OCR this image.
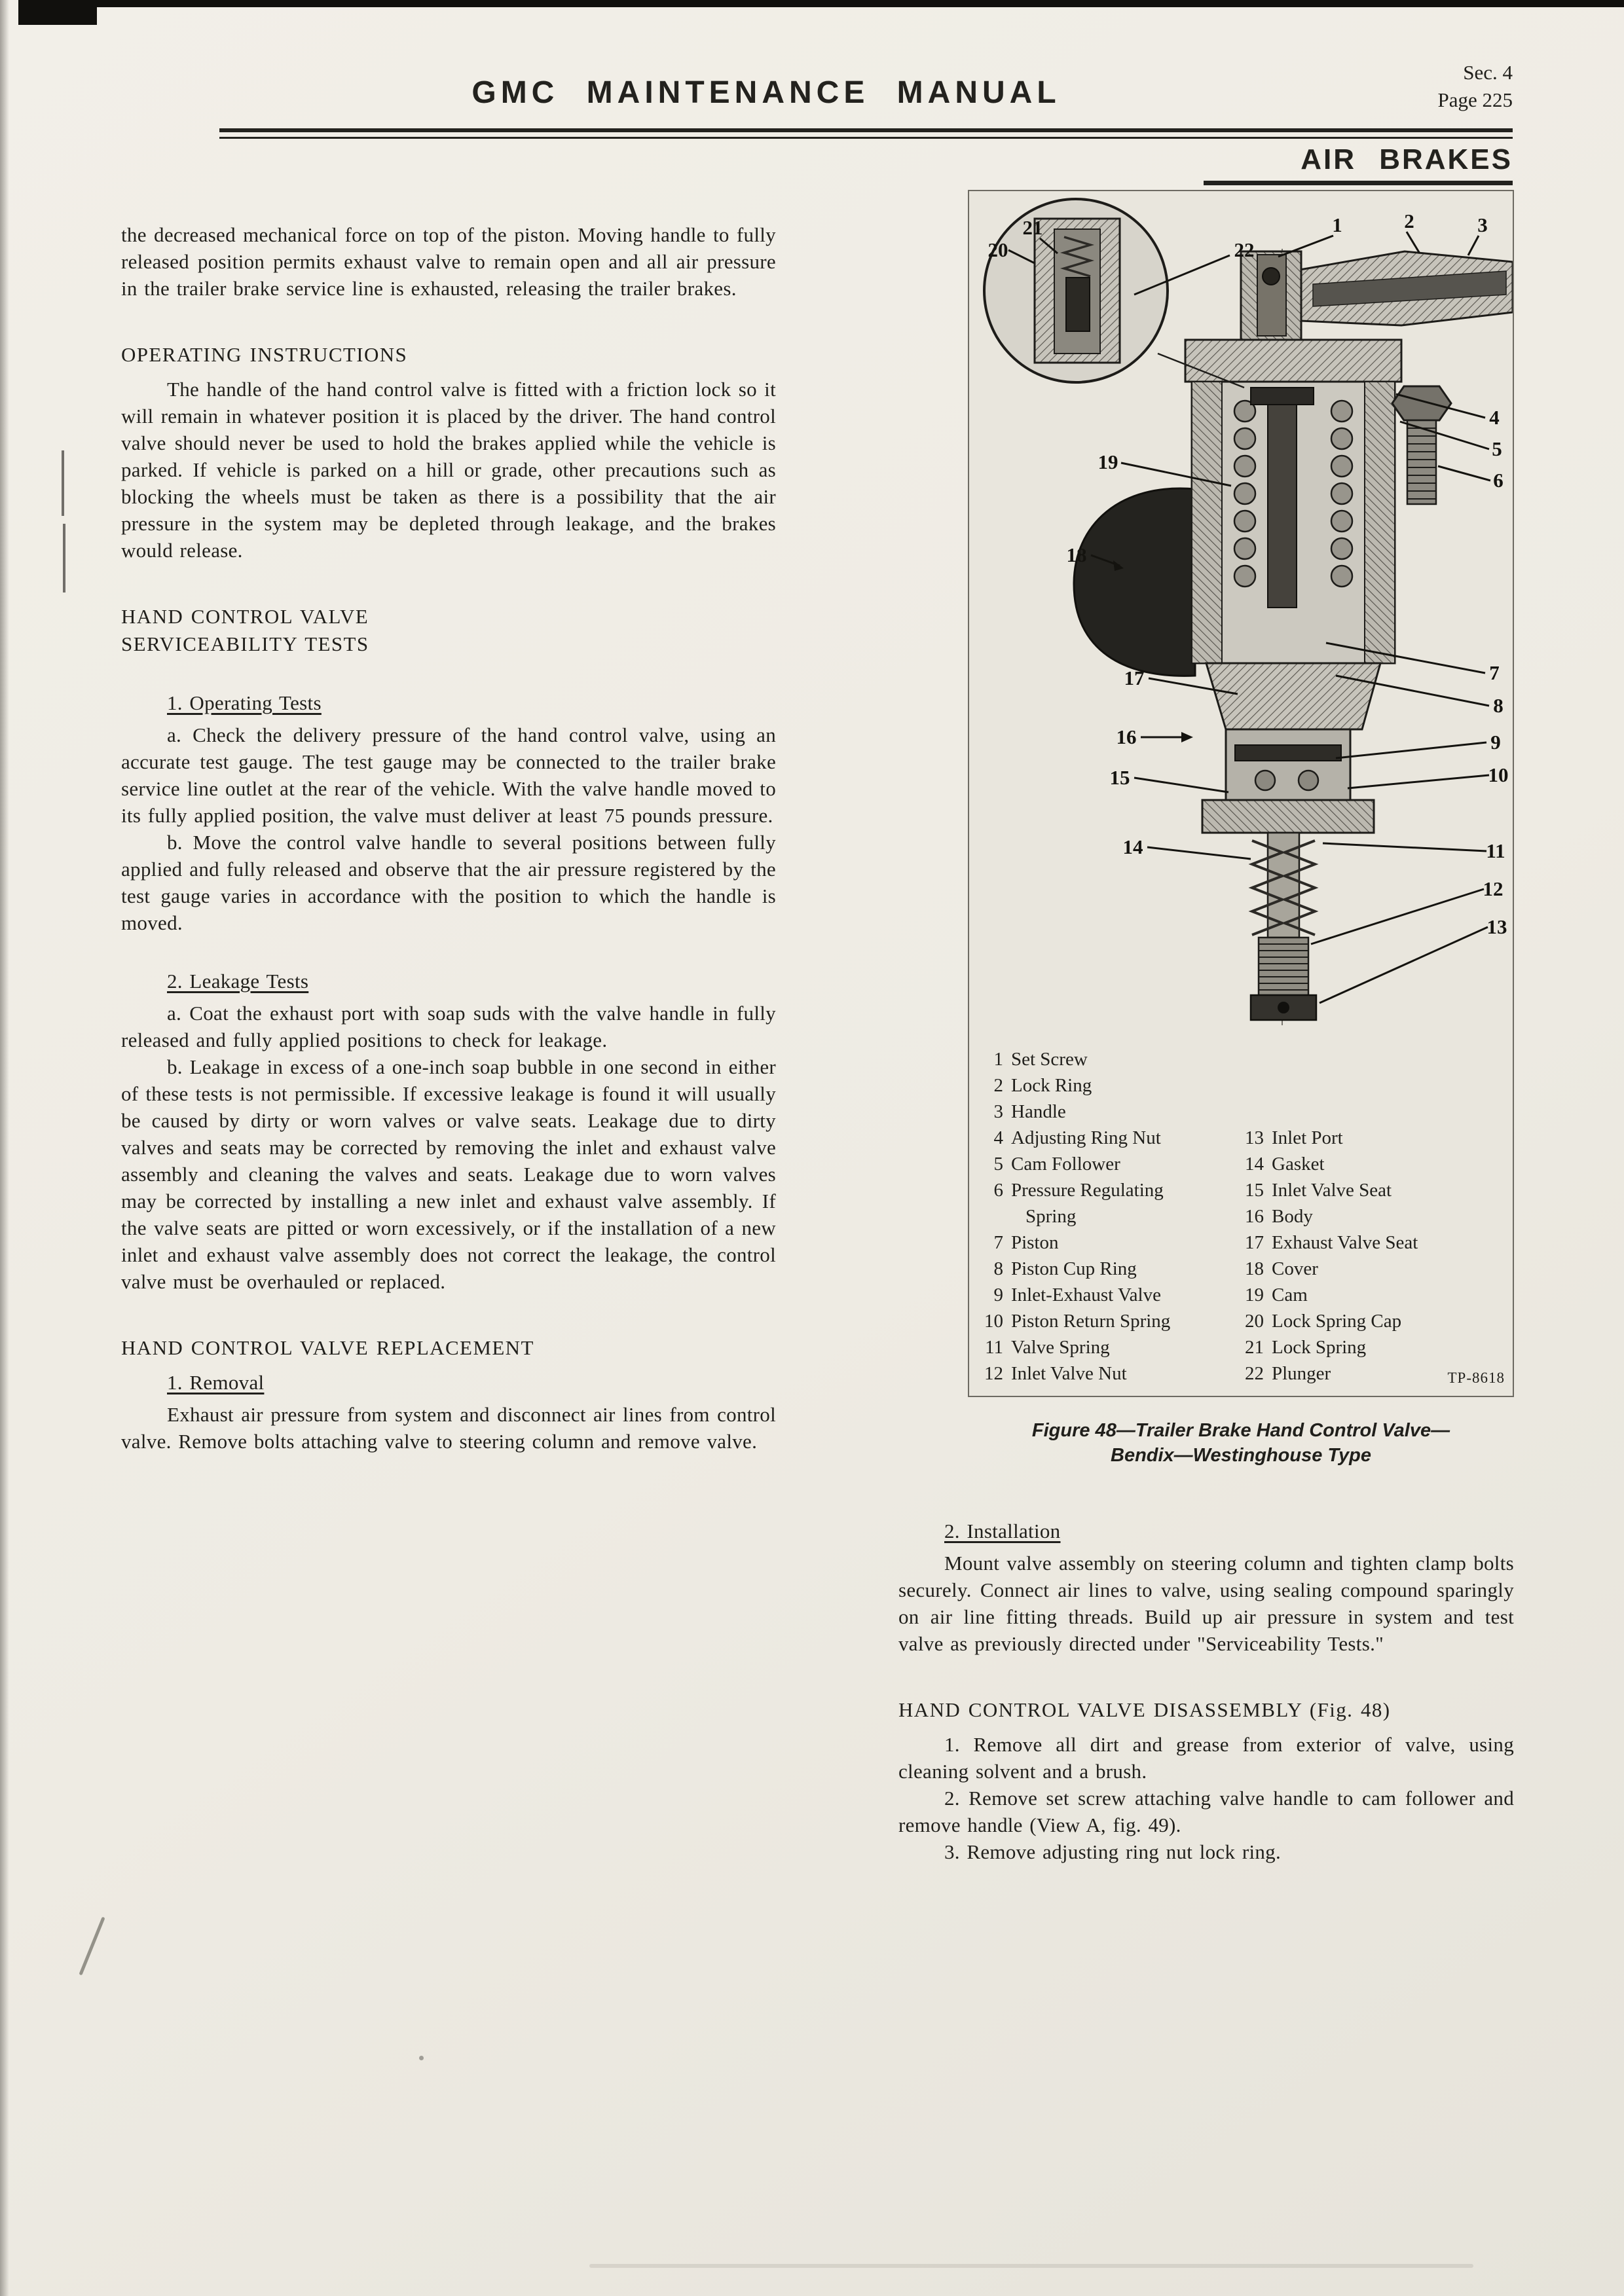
Sec. 4
Page 225
GMC MAINTENANCE MANUAL
AIR BRAKES

the decreased mechanical force on top of the piston. Moving handle to fully released position permits exhaust valve to remain open and all air pressure in the trailer brake service line is exhausted, releasing the trailer brakes.

OPERATING INSTRUCTIONS

The handle of the hand control valve is fitted with a friction lock so it will remain in whatever position it is placed by the driver. The hand control valve should never be used to hold the brakes applied while the vehicle is parked. If vehicle is parked on a hill or grade, other precautions such as blocking the wheels must be taken as there is a possibility that the air pressure in the system may be depleted through leakage, and the brakes would release.

HAND CONTROL VALVE
SERVICEABILITY TESTS
1. Operating Tests

a. Check the delivery pressure of the hand control valve, using an accurate test gauge. The test gauge may be connected to the trailer brake service line outlet at the rear of the vehicle. With the valve handle moved to its fully applied position, the valve must deliver at least 75 pounds pressure.

b. Move the control valve handle to several positions between fully applied and fully released and observe that the air pressure registered by the test gauge varies in accordance with the position to which the handle is moved.

2. Leakage Tests

a. Coat the exhaust port with soap suds with the valve handle in fully released and fully applied positions to check for leakage.

b. Leakage in excess of a one-inch soap bubble in one second in either of these tests is not permissible. If excessive leakage is found it will usually be caused by dirty or worn valves or valve seats. Leakage due to dirty valves and seats may be corrected by removing the inlet and exhaust valve assembly and cleaning the valves and seats. Leakage due to worn valves may be corrected by installing a new inlet and exhaust valve assembly. If the valve seats are pitted or worn excessively, or if the installation of a new inlet and exhaust valve assembly does not correct the leakage, the control valve must be overhauled or replaced.

HAND CONTROL VALVE REPLACEMENT
1. Removal

Exhaust air pressure from system and disconnect air lines from control valve. Remove bolts attaching valve to steering column and remove valve.

20
21
22
1	2	3
4
5
6
19
18
7
8
17
16	9
15	10
14	11
12
13
1 Set Screw
2 Lock Ring
3 Handle
4 Adjusting Ring Nut
5 Cam Follower
6 Pressure Regulating
Spring
7 Piston
8 Piston Cup Ring
9 Inlet-Exhaust Valve
10 Piston Return Spring
11 Valve Spring
12 Inlet Valve Nut
13 Inlet Port
14 Gasket
15 Inlet Valve Seat
16 Body
17 Exhaust Valve Seat
18 Cover
19 Cam
20 Lock Spring Cap
21 Lock Spring
22 Plunger	TP-8618
Figure 48—Trailer Brake Hand Control Valve—
Bendix—Westinghouse Type
2. Installation

Mount valve assembly on steering column and tighten clamp bolts securely. Connect air lines to valve, using sealing compound sparingly on air line fitting threads. Build up air pressure in system and test valve as previously directed under "Serviceability Tests."

HAND CONTROL VALVE DISASSEMBLY (Fig. 48)

1. Remove all dirt and grease from exterior of valve, using cleaning solvent and a brush.

2. Remove set screw attaching valve handle to cam follower and remove handle (View A, fig. 49).

3. Remove adjusting ring nut lock ring.
